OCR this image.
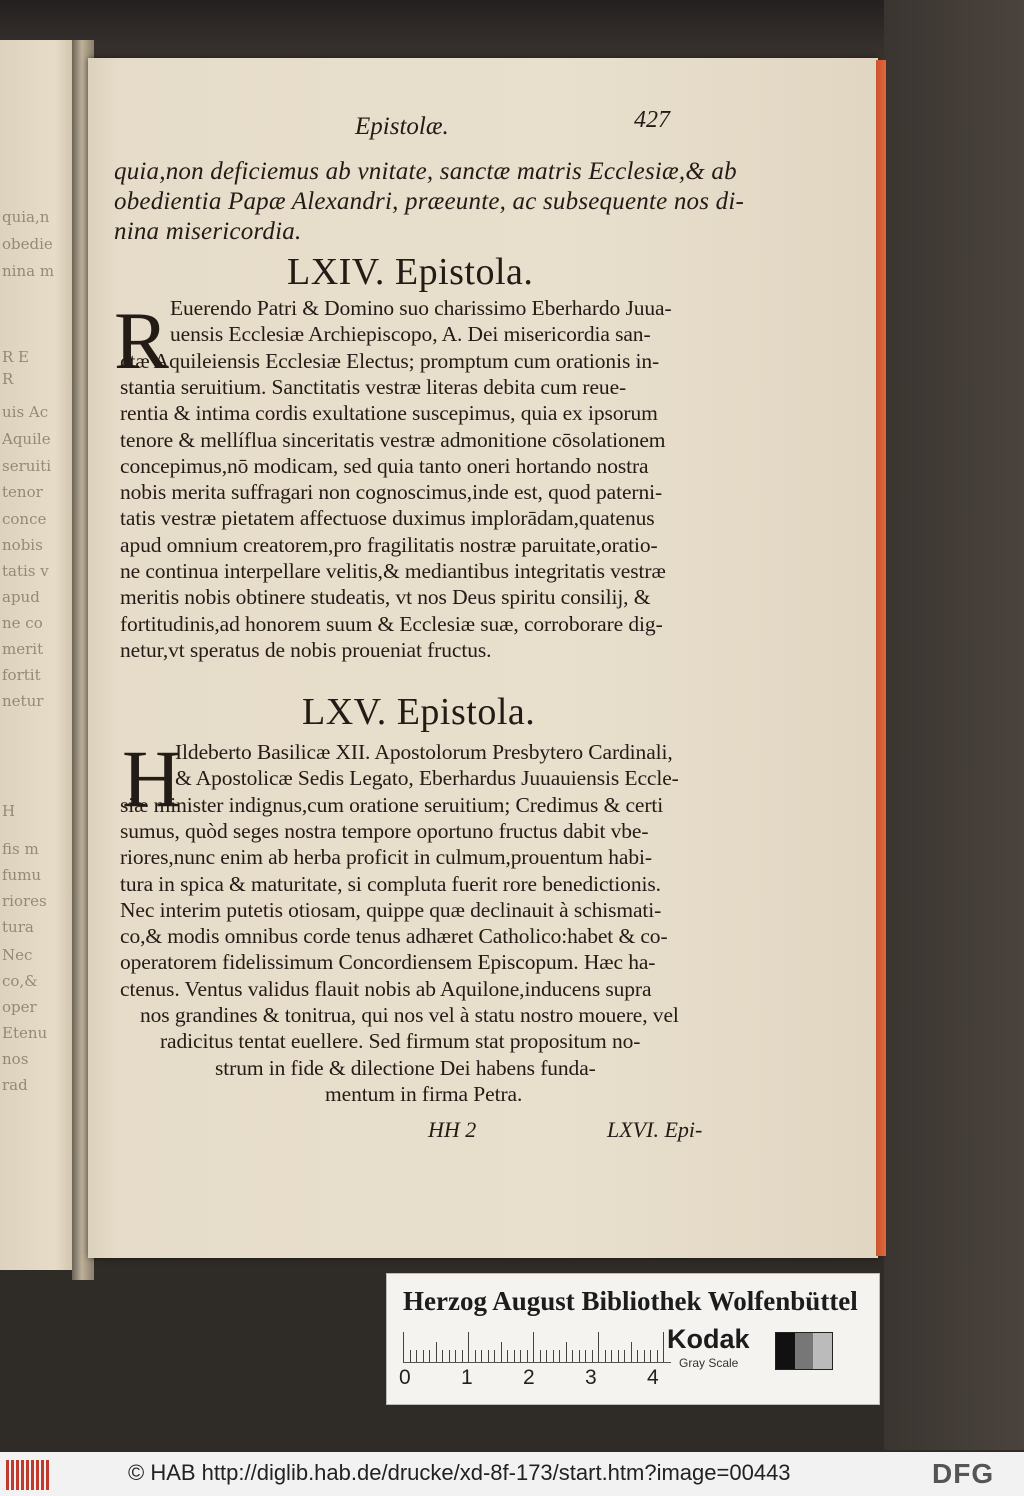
quia,n
obedie
nina m
R E
R
uis Ac
Aquile
seruiti
tenor
conce
nobis
tatis v
apud
ne co
merit
fortit
netur
H
fis m
fumu
riores
tura
Nec
co,&
oper
Etenu
nos
rad
Epistolæ.	427
quia,non deficiemus ab vnitate, sanctæ matris Ecclesiæ,& ab
obedientia Papæ Alexandri, præeunte, ac subsequente nos di-
nina misericordia.
LXIV. Epistola.
R Euerendo Patri & Domino suo charissimo Eberhardo Juua-
uensis Ecclesiæ Archiepiscopo, A. Dei misericordia san-
ctæ Aquileiensis Ecclesiæ Electus; promptum cum orationis in-
stantia seruitium. Sanctitatis vestræ literas debita cum reue-
rentia & intima cordis exultatione suscepimus, quia ex ipsorum
tenore & mellíflua sinceritatis vestræ admonitione cōsolationem
concepimus,nō modicam, sed quia tanto oneri hortando nostra
nobis merita suffragari non cognoscimus,inde est, quod paterni-
tatis vestræ pietatem affectuose duximus implorādam,quatenus
apud omnium creatorem,pro fragilitatis nostræ paruitate,oratio-
ne continua interpellare velitis,& mediantibus integritatis vestræ
meritis nobis obtinere studeatis, vt nos Deus spiritu consilij, &
fortitudinis,ad honorem suum & Ecclesiæ suæ, corroborare dig-
netur,vt speratus de nobis proueniat fructus.
LXV. Epistola.
H
Ildeberto Basilicæ XII. Apostolorum Presbytero Cardinali,
& Apostolicæ Sedis Legato, Eberhardus Juuauiensis Eccle-
siæ minister indignus,cum oratione seruitium; Credimus & certi
sumus, quòd seges nostra tempore oportuno fructus dabit vbe-
riores,nunc enim ab herba proficit in culmum,prouentum habi-
tura in spica & maturitate, si compluta fuerit rore benedictionis.
Nec interim putetis otiosam, quippe quæ declinauit à schismati-
co,& modis omnibus corde tenus adhæret Catholico:habet & co-
operatorem fidelissimum Concordiensem Episcopum. Hæc ha-
ctenus. Ventus validus flauit nobis ab Aquilone,inducens supra
nos grandines & tonitrua, qui nos vel à statu nostro mouere, vel
radicitus tentat euellere. Sed firmum stat propositum no-
strum in fide & dilectione Dei habens funda-
mentum in firma Petra.
HH 2	LXVI. Epi-
Herzog August Bibliothek Wolfenbüttel
0 1 2 3 4
Kodak
Gray Scale
© HAB http://diglib.hab.de/drucke/xd-8f-173/start.htm?image=00443	DFG
